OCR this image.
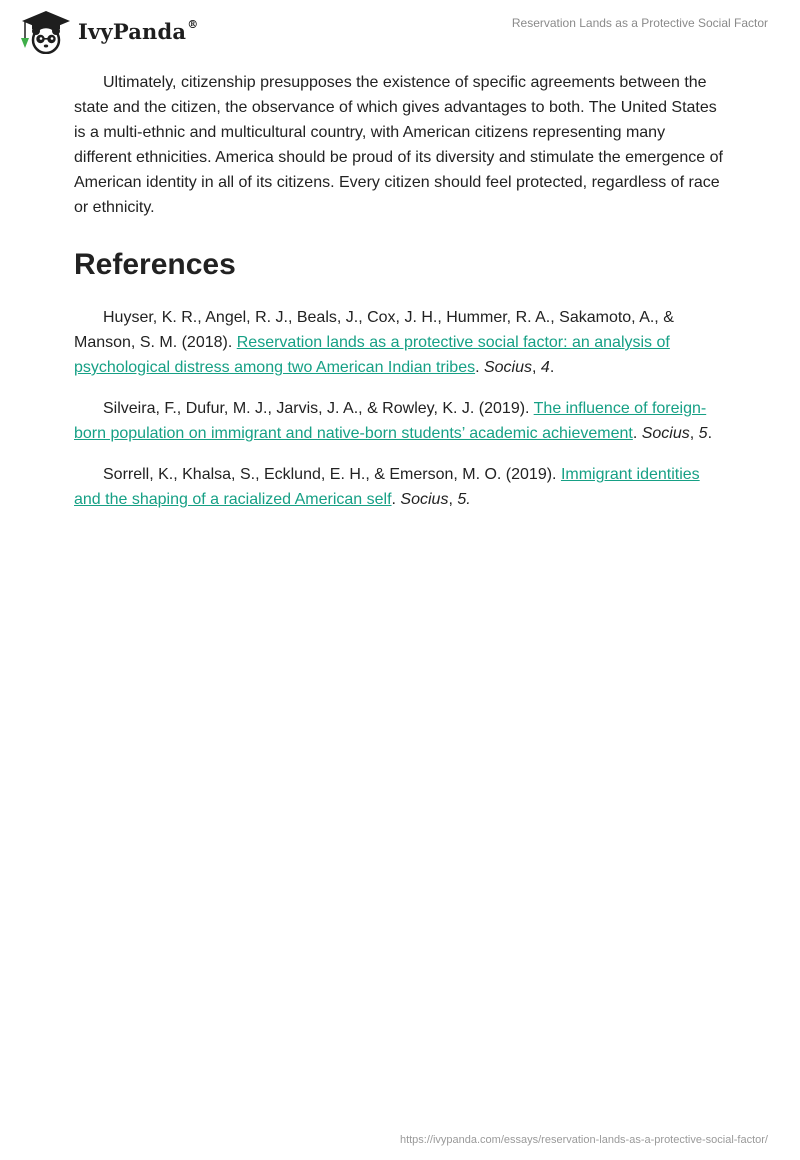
IvyPanda®	Reservation Lands as a Protective Social Factor

Ultimately, citizenship presupposes the existence of specific agreements between the state and the citizen, the observance of which gives advantages to both. The United States is a multi-ethnic and multicultural country, with American citizens representing many different ethnicities. America should be proud of its diversity and stimulate the emergence of American identity in all of its citizens. Every citizen should feel protected, regardless of race or ethnicity.

References

Huyser, K. R., Angel, R. J., Beals, J., Cox, J. H., Hummer, R. A., Sakamoto, A., & Manson, S. M. (2018). Reservation lands as a protective social factor: an analysis of psychological distress among two American Indian tribes. Socius, 4.

Silveira, F., Dufur, M. J., Jarvis, J. A., & Rowley, K. J. (2019). The influence of foreign-born population on immigrant and native-born students’ academic achievement. Socius, 5.

Sorrell, K., Khalsa, S., Ecklund, E. H., & Emerson, M. O. (2019). Immigrant identities and the shaping of a racialized American self. Socius, 5.

https://ivypanda.com/essays/reservation-lands-as-a-protective-social-factor/
